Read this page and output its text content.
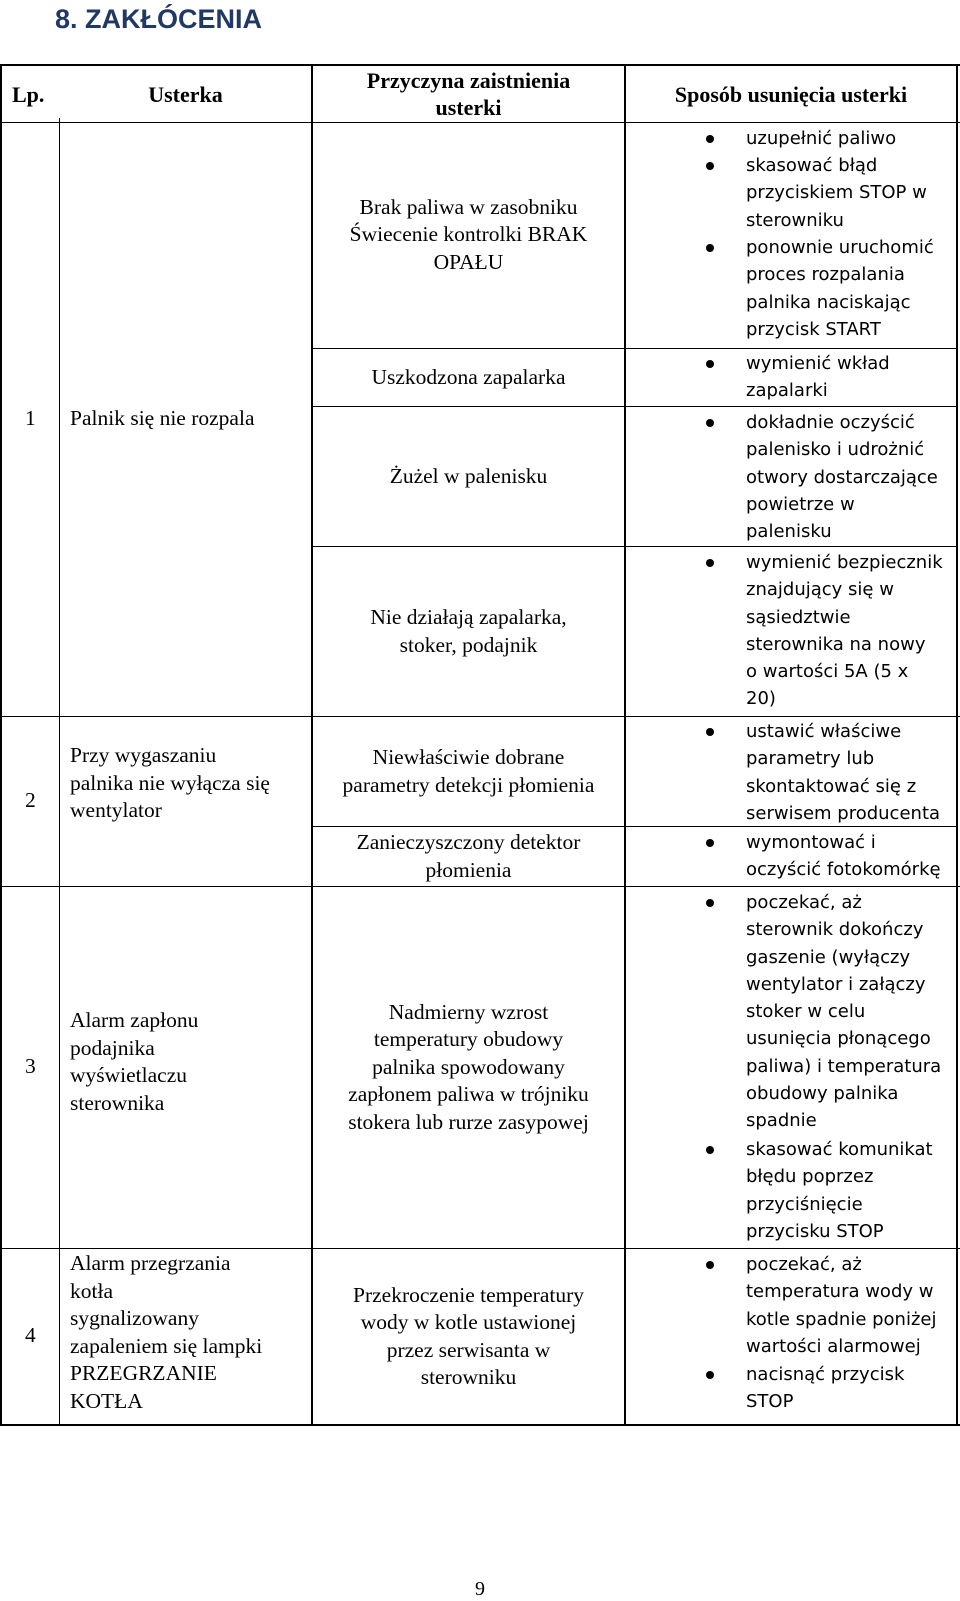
8. ZAKŁÓCENIA
Lp.	Usterka
Przyczyna zaistnienia
usterki
Sposób usunięcia usterki
1
2
3
4
Palnik się nie rozpala
Przy wygaszaniu
palnika nie wyłącza się
wentylator
Alarm zapłonu
podajnika
wyświetlaczu
sterownika
Alarm przegrzania
kotła
sygnalizowany
zapaleniem się lampki
PRZEGRZANIE
KOTŁA
Brak paliwa w zasobniku
Świecenie kontrolki BRAK
OPAŁU
Uszkodzona zapalarka
Żużel w palenisku
Nie działają zapalarka,
stoker, podajnik
Niewłaściwie dobrane
parametry detekcji płomienia
Zanieczyszczony detektor
płomienia
Nadmierny wzrost
temperatury obudowy
palnika spowodowany
zapłonem paliwa w trójniku
stokera lub rurze zasypowej
Przekroczenie temperatury
wody w kotle ustawionej
przez serwisanta w
sterowniku
uzupełnić paliwo
skasować błąd
przyciskiem STOP w
sterowniku
ponownie uruchomić
proces rozpalania
palnika naciskając
przycisk START
wymienić wkład
zapalarki
dokładnie oczyścić
palenisko i udrożnić
otwory dostarczające
powietrze w
palenisku
wymienić bezpiecznik
znajdujący się w
sąsiedztwie
sterownika na nowy
o wartości 5A (5 x
20)
ustawić właściwe
parametry lub
skontaktować się z
serwisem producenta
wymontować i
oczyścić fotokomórkę
poczekać, aż
sterownik dokończy
gaszenie (wyłączy
wentylator i załączy
stoker w celu
usunięcia płonącego
paliwa) i temperatura
obudowy palnika
spadnie
skasować komunikat
błędu poprzez
przyciśnięcie
przycisku STOP
poczekać, aż
temperatura wody w
kotle spadnie poniżej
wartości alarmowej
nacisnąć przycisk
STOP
9
